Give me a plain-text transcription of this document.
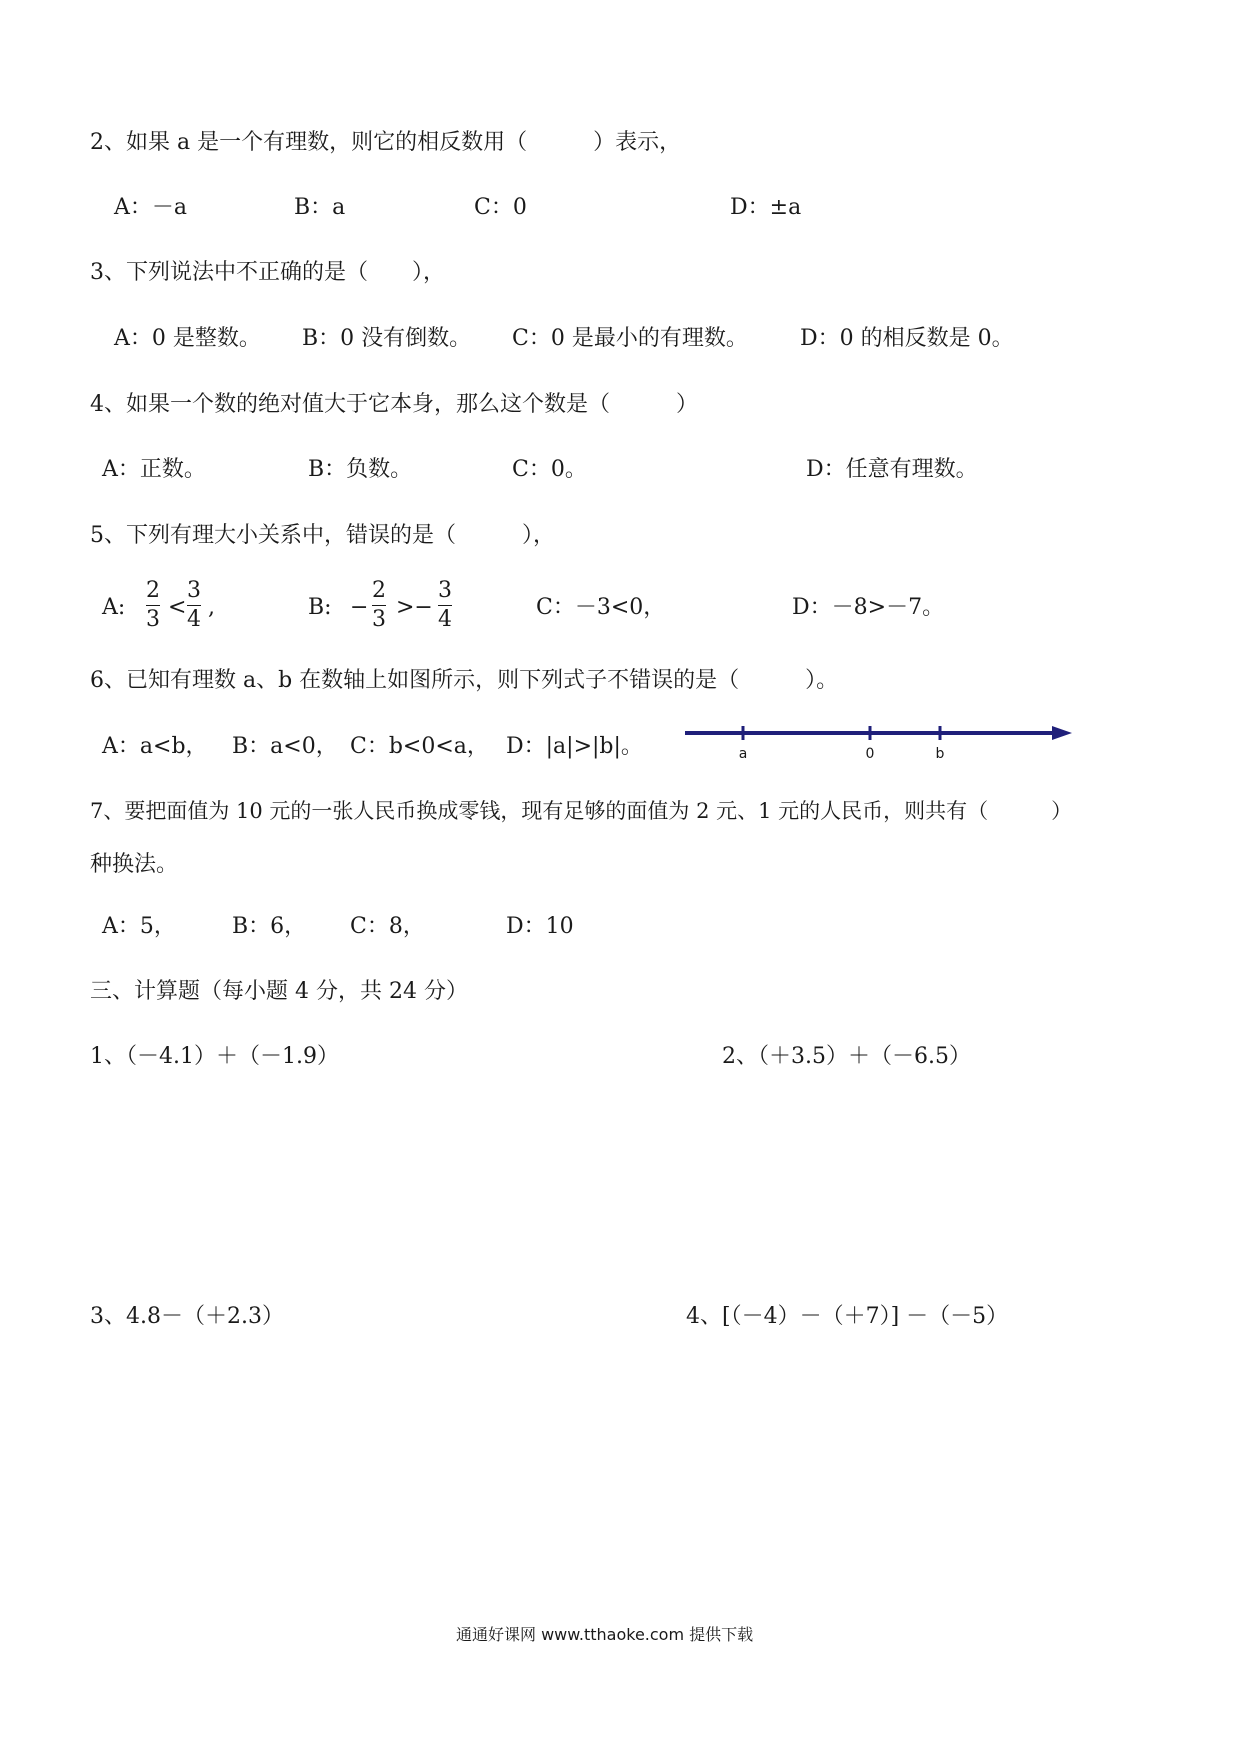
2、如果 a 是一个有理数，则它的相反数用（　　　）表示，
A：－a	B：a	C：0	D：±a
3、下列说法中不正确的是（　　），
A：0 是整数。 B：0 没有倒数。 C：0 是最小的有理数。 D：0 的相反数是 0。
4、如果一个数的绝对值大于它本身，那么这个数是（　　　）
A：正数。	B：负数。	C：0。	D：任意有理数。
5、下列有理大小关系中，错误的是（　　　），
A:
2
3 <
3
4 ,	B: −
2
3 >−
3
4	C：－3<0，	D：－8>－7。
6、已知有理数 a、b 在数轴上如图所示，则下列式子不错误的是（　　　）。
A：a<b， B：a<0， C：b<0<a， D：|a|>|b|。	a	0	b
7、要把面值为 10 元的一张人民币换成零钱，现有足够的面值为 2 元、1 元的人民币，则共有（　　　）
种换法。
A：5，	B：6， C：8，	D：10
三、计算题（每小题 4 分，共 24 分）
1、（－4.1）＋（－1.9）	2、（＋3.5）＋（－6.5）
3、4.8－（＋2.3）	4、[（－4）－（＋7）] －（－5）
通通好课网 www.tthaoke.com 提供下载
